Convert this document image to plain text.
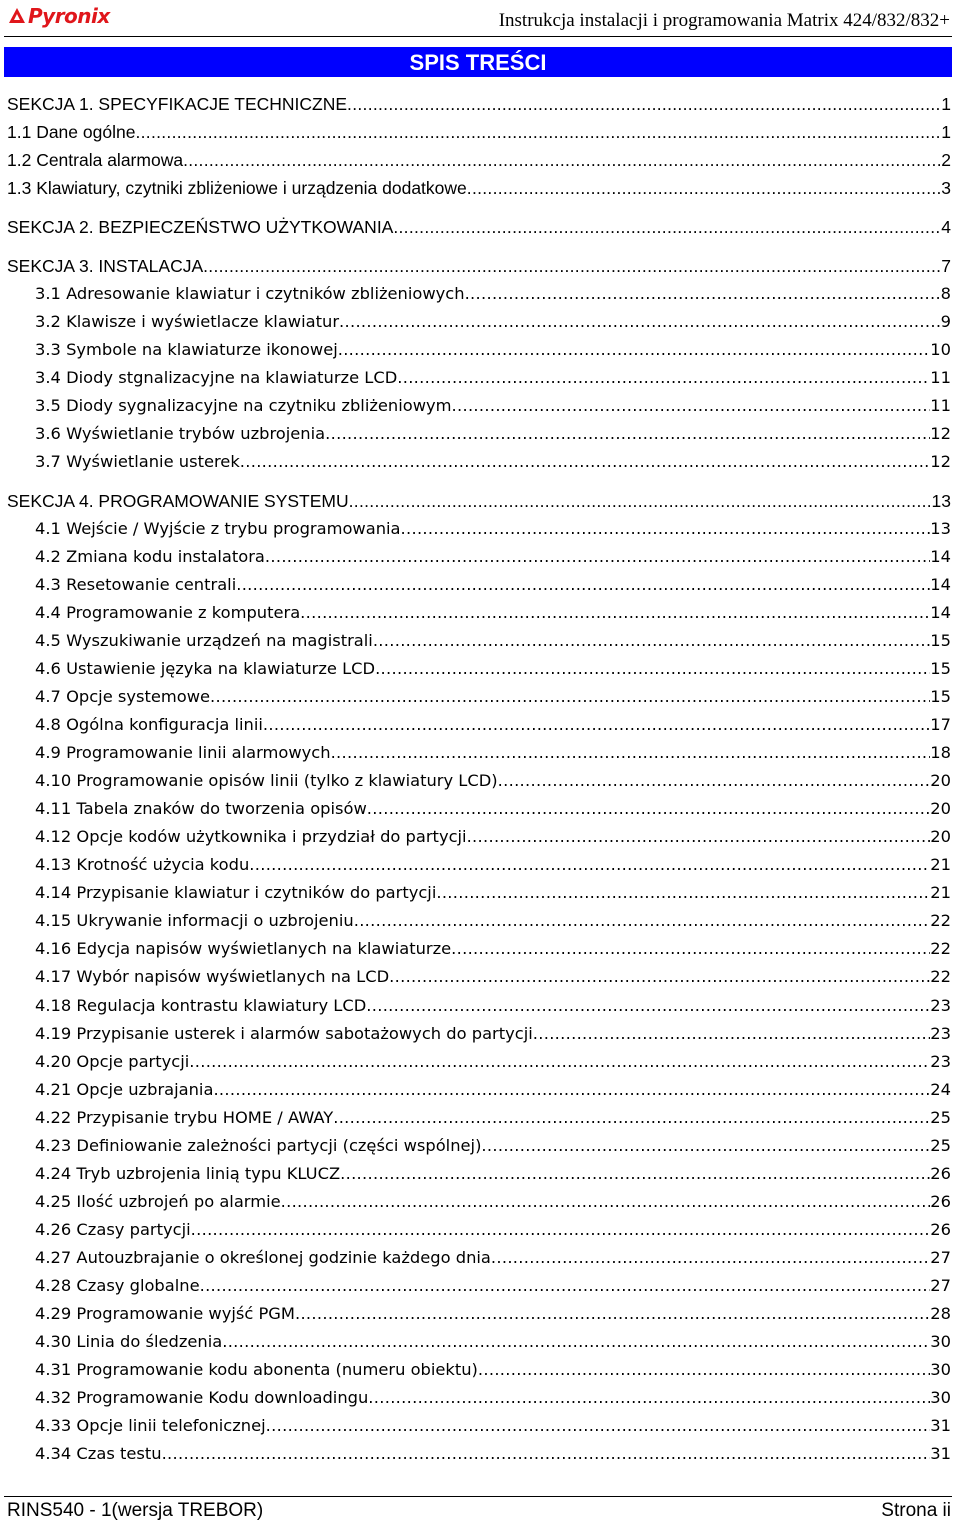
Pyronix	Instrukcja instalacji i programowania Matrix 424/832/832+
SPIS TREŚCI
SEKCJA 1. SPECYFIKACJE TECHNICZNE .....	1
1.1 Dane ogólne .....	1
1.2 Centrala alarmowa .....	2
1.3 Klawiatury, czytniki zbliżeniowe i urządzenia dodatkowe .....	3
SEKCJA 2. BEZPIECZEŃSTWO UŻYTKOWANIA .....	4
SEKCJA 3. INSTALACJA .....	7
3.1 Adresowanie klawiatur i czytników zbliżeniowych .....	8
3.2 Klawisze i wyświetlacze klawiatur .....	9
3.3 Symbole na klawiaturze ikonowej .....	10
3.4 Diody stgnalizacyjne na klawiaturze LCD .....	11
3.5 Diody sygnalizacyjne na czytniku zbliżeniowym .....	11
3.6 Wyświetlanie trybów uzbrojenia .....	12
3.7 Wyświetlanie usterek .....	12
SEKCJA 4. PROGRAMOWANIE SYSTEMU .....	13
4.1 Wejście / Wyjście z trybu programowania .....	13
4.2 Zmiana kodu instalatora .....	14
4.3 Resetowanie centrali .....	14
4.4 Programowanie z komputera .....	14
4.5 Wyszukiwanie urządzeń na magistrali .....	15
4.6 Ustawienie języka na klawiaturze LCD .....	15
4.7 Opcje systemowe .....	15
4.8 Ogólna konfiguracja linii .....	17
4.9 Programowanie linii alarmowych .....	18
4.10 Programowanie opisów linii (tylko z klawiatury LCD) .....	20
4.11 Tabela znaków do tworzenia opisów .....	20
4.12 Opcje kodów użytkownika i przydział do partycji .....	20
4.13 Krotność użycia kodu .....	21
4.14 Przypisanie klawiatur i czytników do partycji .....	21
4.15 Ukrywanie informacji o uzbrojeniu .....	22
4.16 Edycja napisów wyświetlanych na klawiaturze .....	22
4.17 Wybór napisów wyświetlanych na LCD .....	22
4.18 Regulacja kontrastu klawiatury LCD .....	23
4.19 Przypisanie usterek i alarmów sabotażowych do partycji .....	23
4.20 Opcje partycji .....	23
4.21 Opcje uzbrajania .....	24
4.22 Przypisanie trybu HOME / AWAY .....	25
4.23 Definiowanie zależności partycji (części wspólnej) .....	25
4.24 Tryb uzbrojenia linią typu KLUCZ .....	26
4.25 Ilość uzbrojeń po alarmie .....	26
4.26 Czasy partycji .....	26
4.27 Autouzbrajanie o określonej godzinie każdego dnia .....	27
4.28 Czasy globalne .....	27
4.29 Programowanie wyjść PGM .....	28
4.30 Linia do śledzenia .....	30
4.31 Programowanie kodu abonenta (numeru obiektu) .....	30
4.32 Programowanie Kodu downloadingu .....	30
4.33 Opcje linii telefonicznej .....	31
4.34 Czas testu .....	31
RINS540 - 1(wersja TREBOR)	Strona ii
